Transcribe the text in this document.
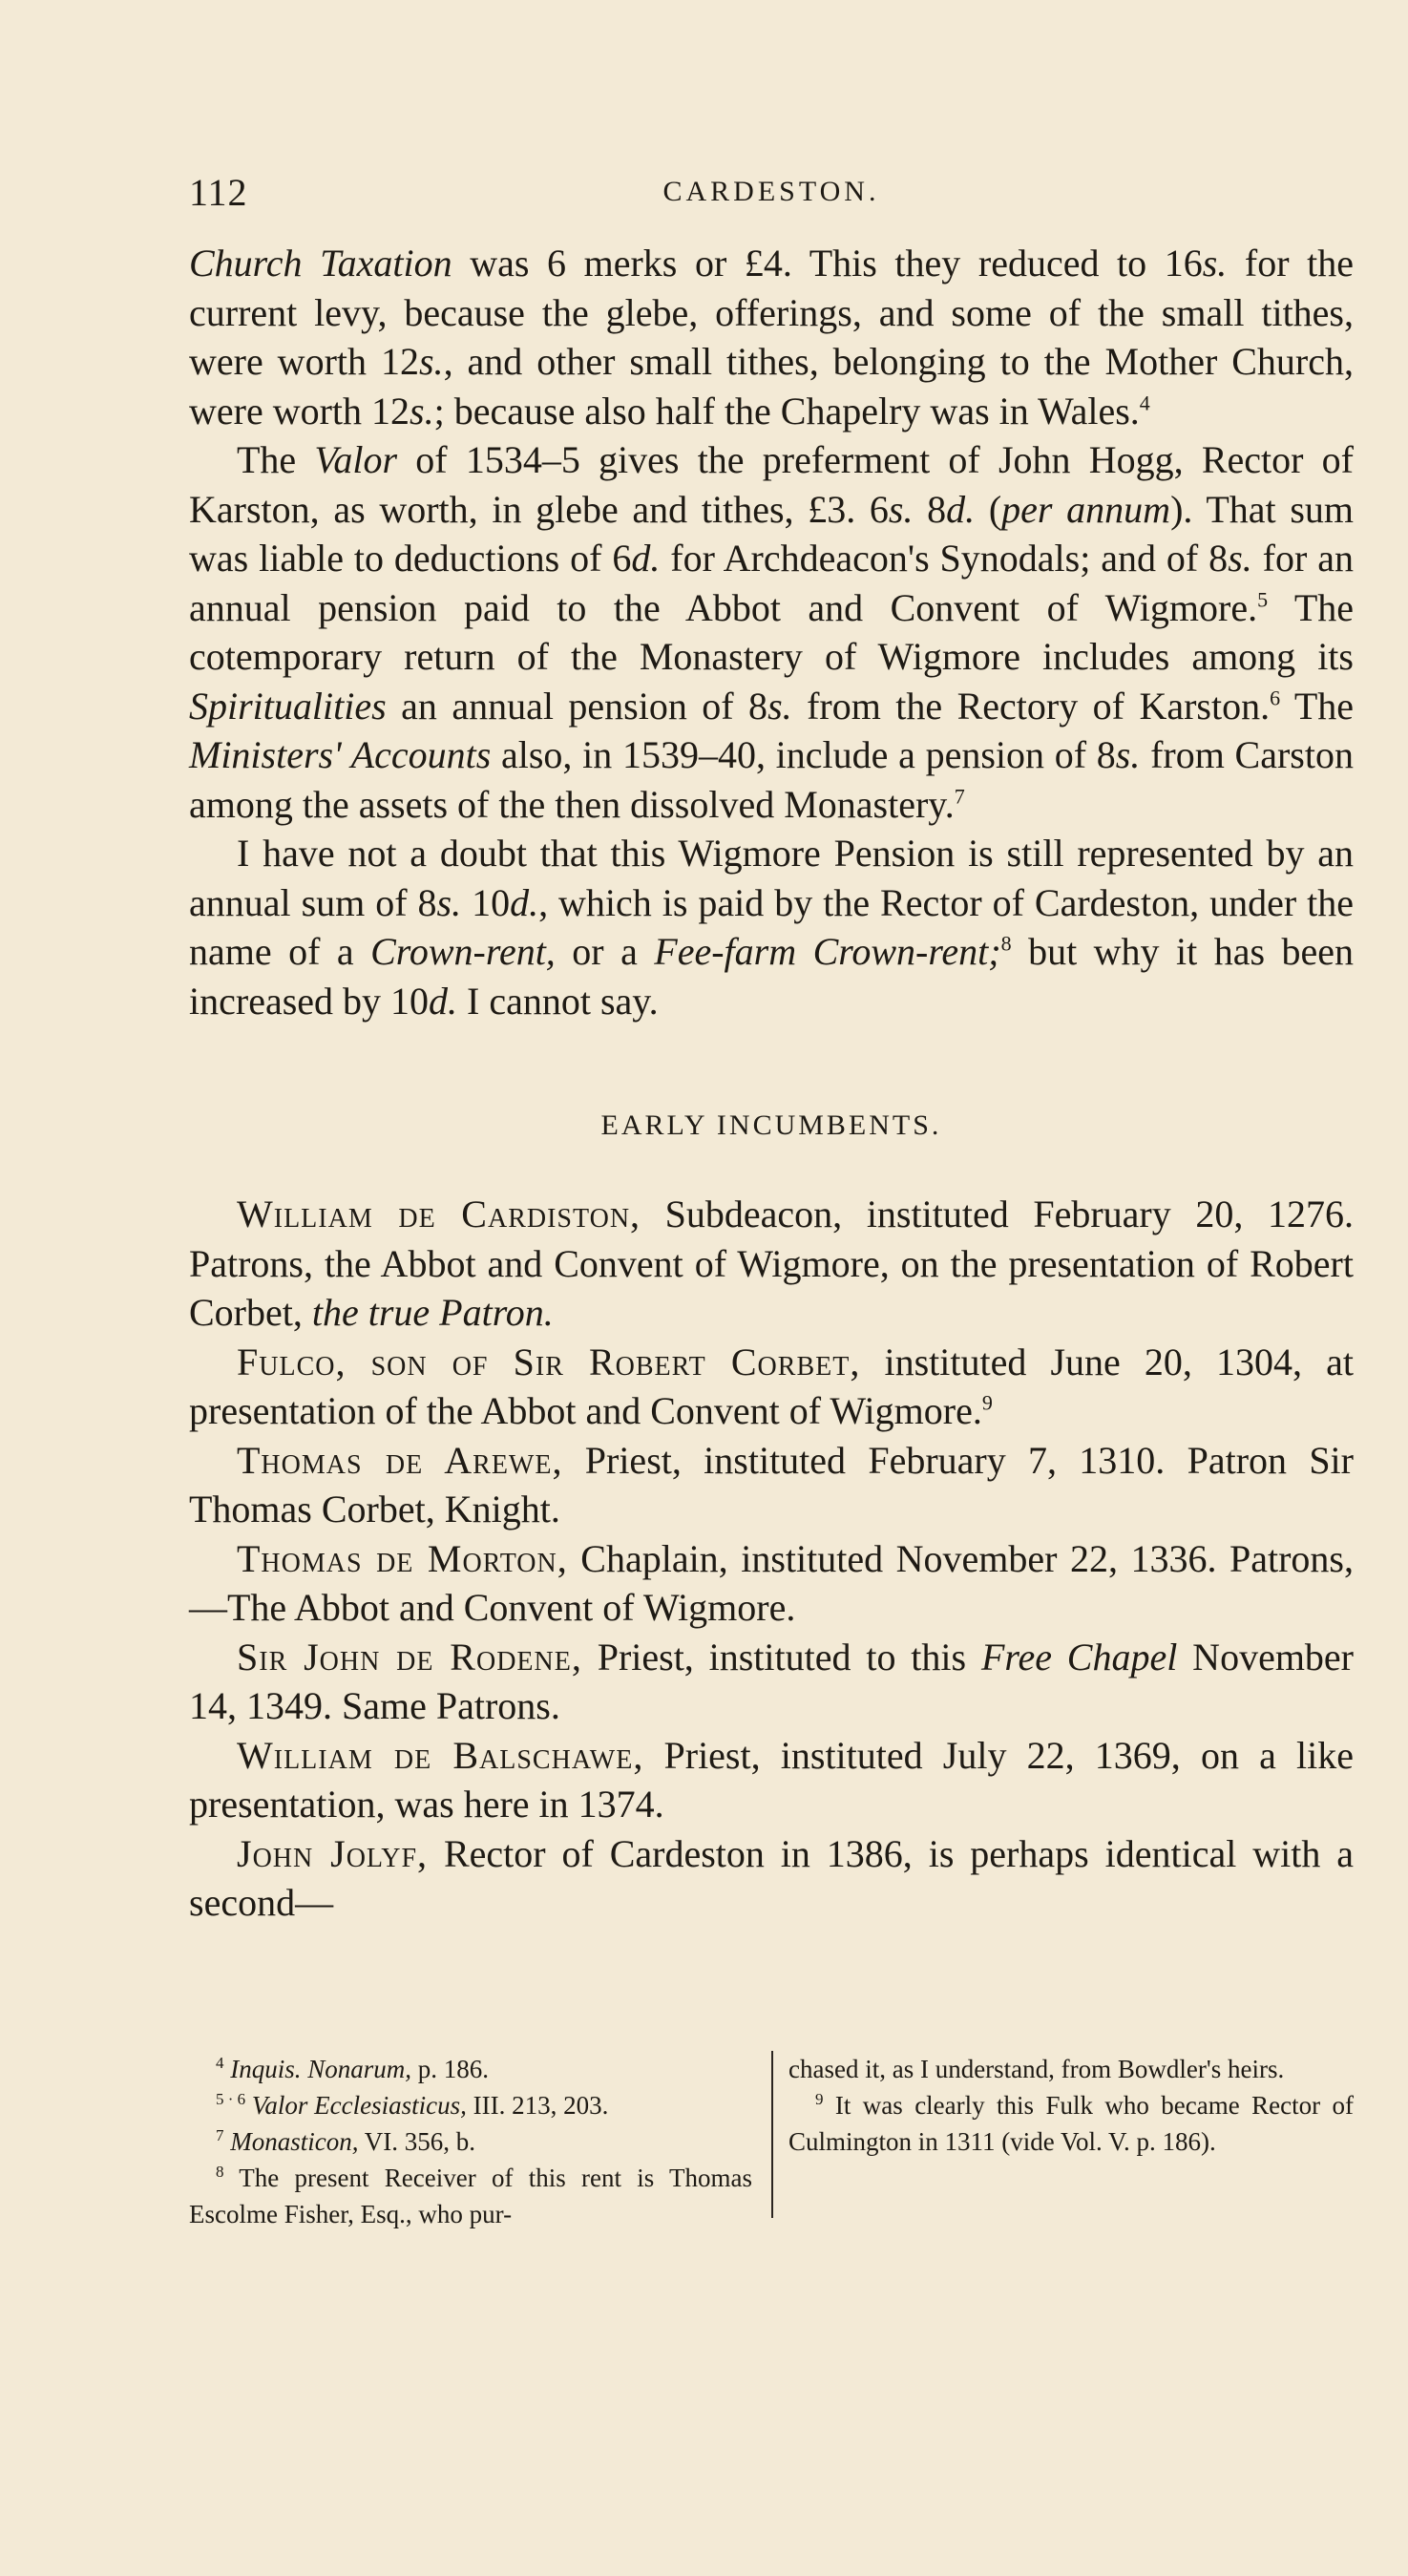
112	CARDESTON.

Church Taxation was 6 merks or £4. This they reduced to 16s. for the current levy, because the glebe, offerings, and some of the small tithes, were worth 12s., and other small tithes, belonging to the Mother Church, were worth 12s.; because also half the Chapelry was in Wales.$^4$

The Valor of 1534–5 gives the preferment of John Hogg, Rector of Karston, as worth, in glebe and tithes, £3. 6s. 8d. (per annum). That sum was liable to deductions of 6d. for Archdeacon's Synodals; and of 8s. for an annual pension paid to the Abbot and Convent of Wigmore.$^5$ The cotemporary return of the Monastery of Wigmore includes among its Spiritualities an annual pension of 8s. from the Rectory of Karston.$^6$ The Ministers' Accounts also, in 1539–40, include a pension of 8s. from Carston among the assets of the then dissolved Monastery.$^7$

I have not a doubt that this Wigmore Pension is still represented by an annual sum of 8s. 10d., which is paid by the Rector of Cardeston, under the name of a Crown-rent, or a Fee-farm Crown-rent;$^8$ but why it has been increased by 10d. I cannot say.

EARLY INCUMBENTS.

William de Cardiston, Subdeacon, instituted February 20, 1276. Patrons, the Abbot and Convent of Wigmore, on the presentation of Robert Corbet, the true Patron.

Fulco, son of Sir Robert Corbet, instituted June 20, 1304, at presentation of the Abbot and Convent of Wigmore.$^9$

Thomas de Arewe, Priest, instituted February 7, 1310. Patron Sir Thomas Corbet, Knight.

Thomas de Morton, Chaplain, instituted November 22, 1336. Patrons,—The Abbot and Convent of Wigmore.

Sir John de Rodene, Priest, instituted to this Free Chapel November 14, 1349. Same Patrons.

William de Balschawe, Priest, instituted July 22, 1369, on a like presentation, was here in 1374.

John Jolyf, Rector of Cardeston in 1386, is perhaps identical with a second—

$^4$ Inquis. Nonarum, p. 186.

$^{5 \cdot 6}$ Valor Ecclesiasticus, III. 213, 203.

$^7$ Monasticon, VI. 356, b.

$^8$ The present Receiver of this rent is Thomas Escolme Fisher, Esq., who pur-

chased it, as I understand, from Bowdler's heirs.

$^9$ It was clearly this Fulk who became Rector of Culmington in 1311 (vide Vol. V. p. 186).
